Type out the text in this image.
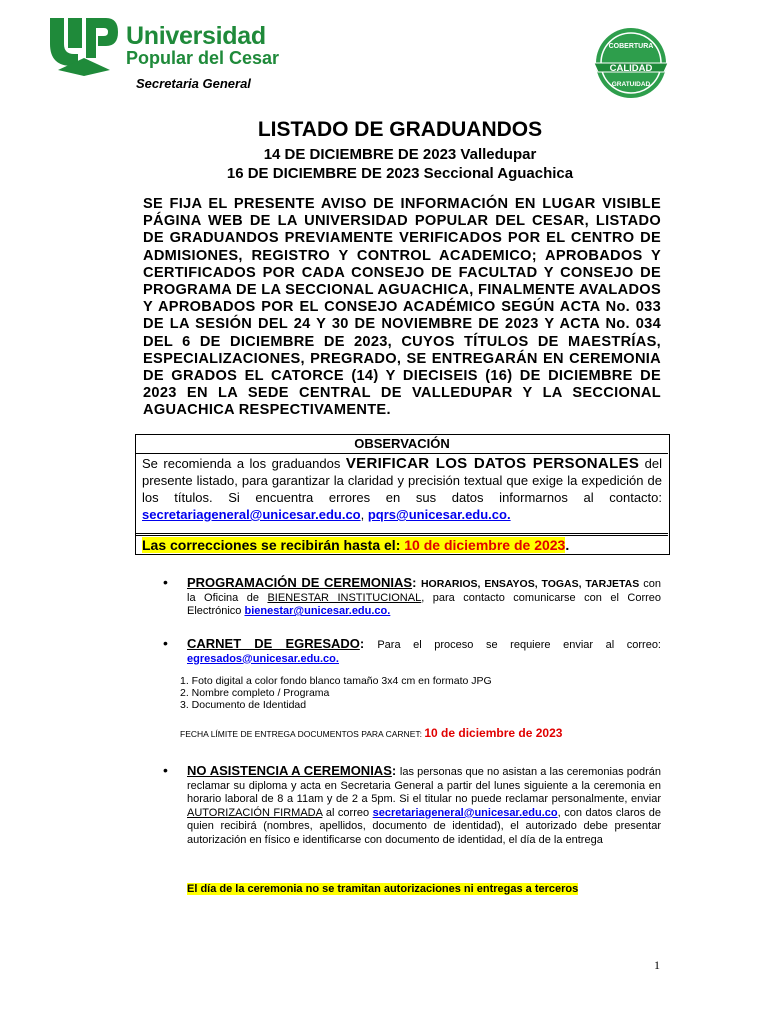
Universidad
Popular del Cesar
Secretaria General
CALIDAD
COBERTURA
GRATUIDAD
LISTADO DE GRADUANDOS
14 DE DICIEMBRE DE 2023 Valledupar
16 DE DICIEMBRE DE 2023 Seccional Aguachica
SE FIJA EL PRESENTE AVISO DE INFORMACIÓN EN LUGAR VISIBLE PÁGINA WEB DE LA UNIVERSIDAD POPULAR DEL CESAR, LISTADO DE GRADUANDOS PREVIAMENTE VERIFICADOS POR EL CENTRO DE ADMISIONES, REGISTRO Y CONTROL ACADEMICO; APROBADOS Y CERTIFICADOS POR CADA CONSEJO DE FACULTAD Y CONSEJO DE PROGRAMA DE LA SECCIONAL AGUACHICA, FINALMENTE AVALADOS Y APROBADOS POR EL CONSEJO ACADÉMICO SEGÚN ACTA No. 033 DE LA SESIÓN DEL 24 Y 30 DE NOVIEMBRE DE 2023 Y ACTA No. 034 DEL 6 DE DICIEMBRE DE 2023, CUYOS TÍTULOS DE MAESTRÍAS, ESPECIALIZACIONES, PREGRADO, SE ENTREGARÁN EN CEREMONIA DE GRADOS EL CATORCE (14) Y DIECISEIS (16) DE DICIEMBRE DE 2023 EN LA SEDE CENTRAL DE VALLEDUPAR Y LA SECCIONAL AGUACHICA RESPECTIVAMENTE.
OBSERVACIÓN
Se recomienda a los graduandos VERIFICAR LOS DATOS PERSONALES del presente listado, para garantizar la claridad y precisión textual que exige la expedición de los títulos. Si encuentra errores en sus datos informarnos al contacto: secretariageneral@unicesar.edu.co, pqrs@unicesar.edu.co.
Las correcciones se recibirán hasta el: 10 de diciembre de 2023.
• PROGRAMACIÓN DE CEREMONIAS: HORARIOS, ENSAYOS, TOGAS, TARJETAS con la Oficina de BIENESTAR INSTITUCIONAL, para contacto comunicarse con el Correo Electrónico bienestar@unicesar.edu.co.
• CARNET DE EGRESADO: Para el proceso se requiere enviar al correo: egresados@unicesar.edu.co.
1. Foto digital a color fondo blanco tamaño 3x4 cm en formato JPG
2. Nombre completo / Programa
3. Documento de Identidad
FECHA LÍMITE DE ENTREGA DOCUMENTOS PARA CARNET: 10 de diciembre de 2023
• NO ASISTENCIA A CEREMONIAS: las personas que no asistan a las ceremonias podrán reclamar su diploma y acta en Secretaria General a partir del lunes siguiente a la ceremonia en horario laboral de 8 a 11am y de 2 a 5pm. Si el titular no puede reclamar personalmente, enviar AUTORIZACIÓN FIRMADA al correo secretariageneral@unicesar.edu.co, con datos claros de quien recibirá (nombres, apellidos, documento de identidad), el autorizado debe presentar autorización en físico e identificarse con documento de identidad, el día de la entrega
El día de la ceremonia no se tramitan autorizaciones ni entregas a terceros
1
